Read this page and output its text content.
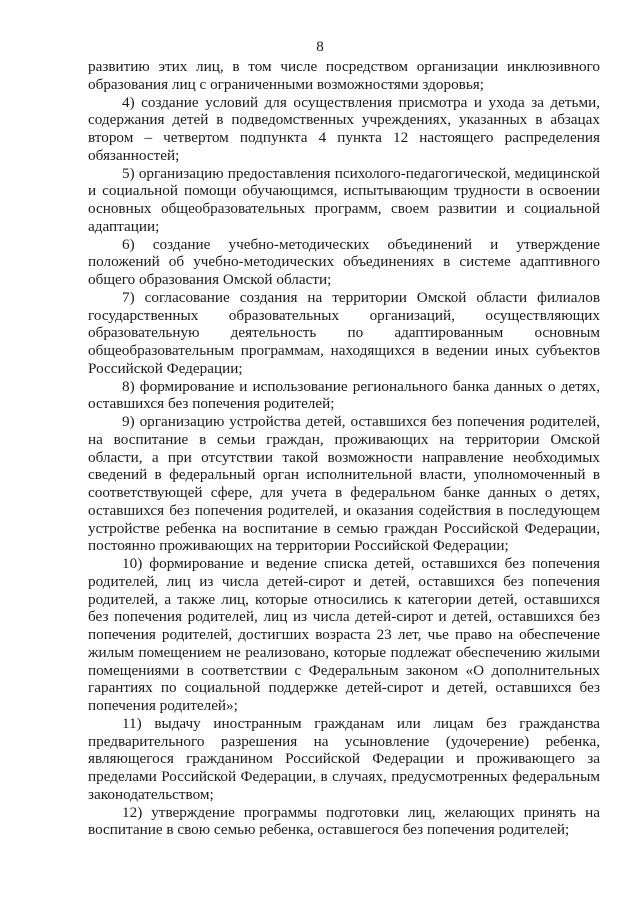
8

развитию этих лиц, в том числе посредством организации инклюзивного образования лиц с ограниченными возможностями здоровья;

4) создание условий для осуществления присмотра и ухода за детьми, содержания детей в подведомственных учреждениях, указанных в абзацах втором – четвертом подпункта 4 пункта 12 настоящего распределения обязанностей;

5) организацию предоставления психолого-педагогической, медицинской и социальной помощи обучающимся, испытывающим трудности в освоении основных общеобразовательных программ, своем развитии и социальной адаптации;

6) создание учебно-методических объединений и утверждение положений об учебно-методических объединениях в системе адаптивного общего образования Омской области;

7) согласование создания на территории Омской области филиалов государственных образовательных организаций, осуществляющих образовательную деятельность по адаптированным основным общеобразовательным программам, находящихся в ведении иных субъектов Российской Федерации;

8) формирование и использование регионального банка данных о детях, оставшихся без попечения родителей;

9) организацию устройства детей, оставшихся без попечения родителей, на воспитание в семьи граждан, проживающих на территории Омской области, а при отсутствии такой возможности направление необходимых сведений в федеральный орган исполнительной власти, уполномоченный в соответствующей сфере, для учета в федеральном банке данных о детях, оставшихся без попечения родителей, и оказания содействия в последующем устройстве ребенка на воспитание в семью граждан Российской Федерации, постоянно проживающих на территории Российской Федерации;

10) формирование и ведение списка детей, оставшихся без попечения родителей, лиц из числа детей-сирот и детей, оставшихся без попечения родителей, а также лиц, которые относились к категории детей, оставшихся без попечения родителей, лиц из числа детей-сирот и детей, оставшихся без попечения родителей, достигших возраста 23 лет, чье право на обеспечение жилым помещением не реализовано, которые подлежат обеспечению жилыми помещениями в соответствии с Федеральным законом «О дополнительных гарантиях по социальной поддержке детей-сирот и детей, оставшихся без попечения родителей»;

11) выдачу иностранным гражданам или лицам без гражданства предварительного разрешения на усыновление (удочерение) ребенка, являющегося гражданином Российской Федерации и проживающего за пределами Российской Федерации, в случаях, предусмотренных федеральным законодательством;

12) утверждение программы подготовки лиц, желающих принять на воспитание в свою семью ребенка, оставшегося без попечения родителей;
